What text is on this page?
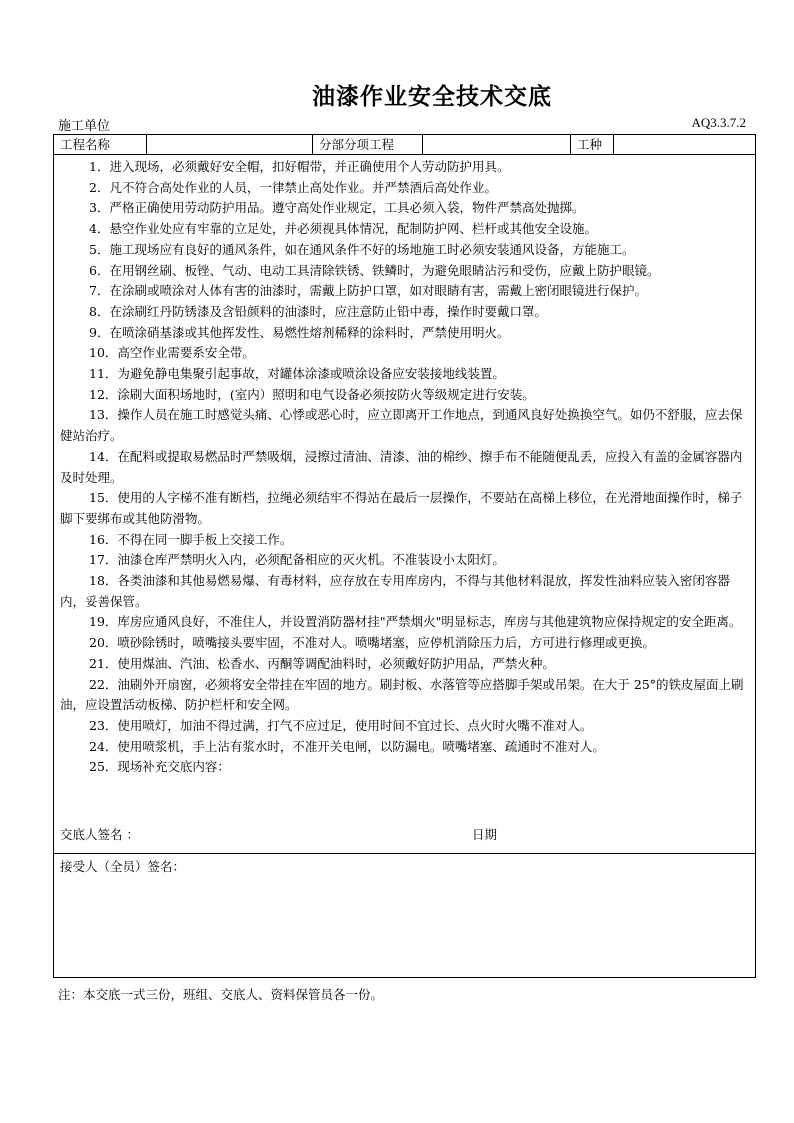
油漆作业安全技术交底
施工单位	AQ3.3.7.2
工程名称	分部分项工程	工种

1．进入现场，必须戴好安全帽，扣好帽带，并正确使用个人劳动防护用具。

2．凡不符合高处作业的人员，一律禁止高处作业。并严禁酒后高处作业。

3．严格正确使用劳动防护用品。遵守高处作业规定，工具必须入袋，物件严禁高处抛掷。

4．悬空作业处应有牢靠的立足处，并必须视具体情况，配制防护网、栏杆或其他安全设施。

5．施工现场应有良好的通风条件，如在通风条件不好的场地施工时必须安装通风设备，方能施工。

6．在用钢丝刷、板锉、气动、电动工具清除铁锈、铁鳞时，为避免眼睛沾污和受伤，应戴上防护眼镜。

7．在涂刷或喷涂对人体有害的油漆时，需戴上防护口罩，如对眼睛有害，需戴上密闭眼镜进行保护。

8．在涂刷红丹防锈漆及含铅颜料的油漆时，应注意防止铅中毒，操作时要戴口罩。

9．在喷涂硝基漆或其他挥发性、易燃性熔剂稀释的涂料时，严禁使用明火。

10．高空作业需要系安全带。

11．为避免静电集聚引起事故，对罐体涂漆或喷涂设备应安装接地线装置。

12．涂刷大面积场地时，(室内）照明和电气设备必须按防火等级规定进行安装。

13．操作人员在施工时感觉头痛、心悸或恶心时，应立即离开工作地点，到通风良好处换换空气。如仍不舒服，应去保健站治疗。

14．在配料或提取易燃品时严禁吸烟，浸擦过清油、清漆、油的棉纱、擦手布不能随便乱丢，应投入有盖的金属容器内及时处理。

15．使用的人字梯不准有断档，拉绳必须结牢不得站在最后一层操作，不要站在高梯上移位，在光滑地面操作时，梯子脚下要绑布或其他防滑物。

16．不得在同一脚手板上交接工作。

17．油漆仓库严禁明火入内，必须配备相应的灭火机。不准装设小太阳灯。

18．各类油漆和其他易燃易爆、有毒材料，应存放在专用库房内，不得与其他材料混放，挥发性油料应装入密闭容器内，妥善保管。

19．库房应通风良好，不准住人，并设置消防器材挂"严禁烟火"明显标志，库房与其他建筑物应保持规定的安全距离。

20．喷砂除锈时，喷嘴接头要牢固，不准对人。喷嘴堵塞，应停机消除压力后，方可进行修理或更换。

21．使用煤油、汽油、松香水、丙酮等调配油料时，必须戴好防护用品，严禁火种。

22．油刷外开扇窗，必须将安全带挂在牢固的地方。刷封板、水落管等应搭脚手架或吊架。在大于 25°的铁皮屋面上刷油，应设置活动板梯、防护栏杆和安全网。

23．使用喷灯，加油不得过满，打气不应过足，使用时间不宜过长、点火时火嘴不准对人。

24．使用喷浆机，手上沾有浆水时，不准开关电闸，以防漏电。喷嘴堵塞、疏通时不准对人。

25．现场补充交底内容：

交底人签名 ：	日期
接受人（全员）签名：
注：本交底一式三份，班组、交底人、资料保管员各一份。
